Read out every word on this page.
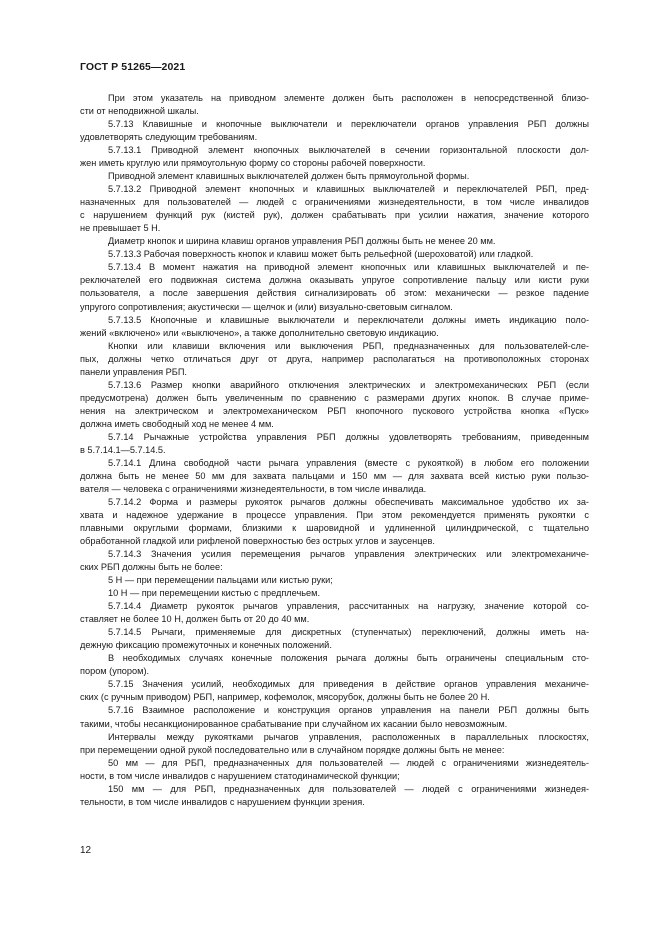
ГОСТ Р 51265—2021
При этом указатель на приводном элементе должен быть расположен в непосредственной близо-
сти от неподвижной шкалы.
5.7.13 Клавишные и кнопочные выключатели и переключатели органов управления РБП должны
удовлетворять следующим требованиям.
5.7.13.1 Приводной элемент кнопочных выключателей в сечении горизонтальной плоскости дол-
жен иметь круглую или прямоугольную форму со стороны рабочей поверхности.
Приводной элемент клавишных выключателей должен быть прямоугольной формы.
5.7.13.2 Приводной элемент кнопочных и клавишных выключателей и переключателей РБП, пред-
назначенных для пользователей — людей с ограничениями жизнедеятельности, в том числе инвалидов
с нарушением функций рук (кистей рук), должен срабатывать при усилии нажатия, значение которого
не превышает 5 Н.
Диаметр кнопок и ширина клавиш органов управления РБП должны быть не менее 20 мм.
5.7.13.3 Рабочая поверхность кнопок и клавиш может быть рельефной (шероховатой) или гладкой.
5.7.13.4 В момент нажатия на приводной элемент кнопочных или клавишных выключателей и пе-
реключателей его подвижная система должна оказывать упругое сопротивление пальцу или кисти руки
пользователя, а после завершения действия сигнализировать об этом: механически — резкое падение
упругого сопротивления; акустически — щелчок и (или) визуально-световым сигналом.
5.7.13.5 Кнопочные и клавишные выключатели и переключатели должны иметь индикацию поло-
жений «включено» или «выключено», а также дополнительно световую индикацию.
Кнопки или клавиши включения или выключения РБП, предназначенных для пользователей-сле-
пых, должны четко отличаться друг от друга, например располагаться на противоположных сторонах
панели управления РБП.
5.7.13.6 Размер кнопки аварийного отключения электрических и электромеханических РБП (если
предусмотрена) должен быть увеличенным по сравнению с размерами других кнопок. В случае приме-
нения на электрическом и электромеханическом РБП кнопочного пускового устройства кнопка «Пуск»
должна иметь свободный ход не менее 4 мм.
5.7.14 Рычажные устройства управления РБП должны удовлетворять требованиям, приведенным
в 5.7.14.1—5.7.14.5.
5.7.14.1 Длина свободной части рычага управления (вместе с рукояткой) в любом его положении
должна быть не менее 50 мм для захвата пальцами и 150 мм — для захвата всей кистью руки пользо-
вателя — человека с ограничениями жизнедеятельности, в том числе инвалида.
5.7.14.2 Форма и размеры рукояток рычагов должны обеспечивать максимальное удобство их за-
хвата и надежное удержание в процессе управления. При этом рекомендуется применять рукоятки с
плавными округлыми формами, близкими к шаровидной и удлиненной цилиндрической, с тщательно
обработанной гладкой или рифленой поверхностью без острых углов и заусенцев.
5.7.14.3 Значения усилия перемещения рычагов управления электрических или электромеханиче-
ских РБП должны быть не более:
5 Н — при перемещении пальцами или кистью руки;
10 Н — при перемещении кистью с предплечьем.
5.7.14.4 Диаметр рукояток рычагов управления, рассчитанных на нагрузку, значение которой со-
ставляет не более 10 Н, должен быть от 20 до 40 мм.
5.7.14.5 Рычаги, применяемые для дискретных (ступенчатых) переключений, должны иметь на-
дежную фиксацию промежуточных и конечных положений.
В необходимых случаях конечные положения рычага должны быть ограничены специальным сто-
пором (упором).
5.7.15 Значения усилий, необходимых для приведения в действие органов управления механиче-
ских (с ручным приводом) РБП, например, кофемолок, мясорубок, должны быть не более 20 Н.
5.7.16 Взаимное расположение и конструкция органов управления на панели РБП должны быть
такими, чтобы несанкционированное срабатывание при случайном их касании было невозможным.
Интервалы между рукоятками рычагов управления, расположенных в параллельных плоскостях,
при перемещении одной рукой последовательно или в случайном порядке должны быть не менее:
50 мм — для РБП, предназначенных для пользователей — людей с ограничениями жизнедеятель-
ности, в том числе инвалидов с нарушением статодинамической функции;
150 мм — для РБП, предназначенных для пользователей — людей с ограничениями жизнедея-
тельности, в том числе инвалидов с нарушением функции зрения.
12
